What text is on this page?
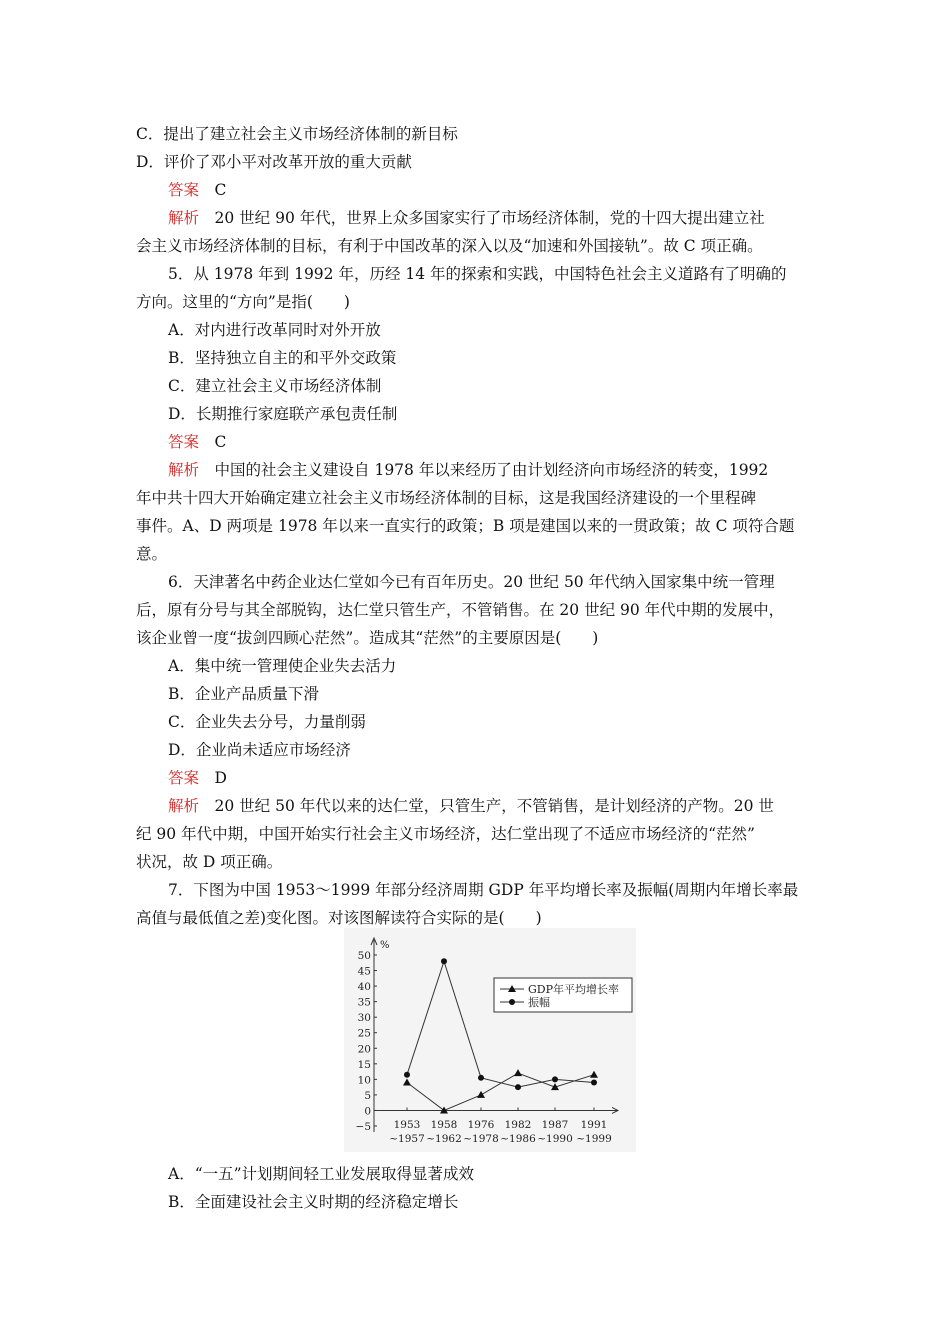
C．提出了建立社会主义市场经济体制的新目标
D．评价了邓小平对改革开放的重大贡献
答案　 C
解析　 20 世纪 90 年代，世界上众多国家实行了市场经济体制，党的十四大提出建立社
会主义市场经济体制的目标，有利于中国改革的深入以及“加速和外国接轨”。故 C 项正确。
5．从 1978 年到 1992 年，历经 14 年的探索和实践，中国特色社会主义道路有了明确的
方向。这里的“方向”是指(　　)
A．对内进行改革同时对外开放
B．坚持独立自主的和平外交政策
C．建立社会主义市场经济体制
D．长期推行家庭联产承包责任制
答案　 C
解析　 中国的社会主义建设自 1978 年以来经历了由计划经济向市场经济的转变，1992
年中共十四大开始确定建立社会主义市场经济体制的目标，这是我国经济建设的一个里程碑
事件。A、D 两项是 1978 年以来一直实行的政策；B 项是建国以来的一贯政策；故 C 项符合题
意。
6．天津著名中药企业达仁堂如今已有百年历史。20 世纪 50 年代纳入国家集中统一管理
后，原有分号与其全部脱钩，达仁堂只管生产，不管销售。在 20 世纪 90 年代中期的发展中，
该企业曾一度“拔剑四顾心茫然”。造成其“茫然”的主要原因是(　　)
A．集中统一管理使企业失去活力
B．企业产品质量下滑
C．企业失去分号，力量削弱
D．企业尚未适应市场经济
答案　 D
解析　 20 世纪 50 年代以来的达仁堂，只管生产，不管销售，是计划经济的产物。20 世
纪 90 年代中期，中国开始实行社会主义市场经济，达仁堂出现了不适应市场经济的“茫然”
状况，故 D 项正确。
7．下图为中国 1953～1999 年部分经济周期 GDP 年平均增长率及振幅(周期内年增长率最
高值与最低值之差)变化图。对该图解读符合实际的是(　　)
50
45
40
35
30
25
20
15
10
5
0
−5
%
1953
~1957
1958
~1962
1976
~1978
1982
~1986
1987
~1990
1991
~1999
GDP年平均增长率
振幅
A．“一五”计划期间轻工业发展取得显著成效
B．全面建设社会主义时期的经济稳定增长
